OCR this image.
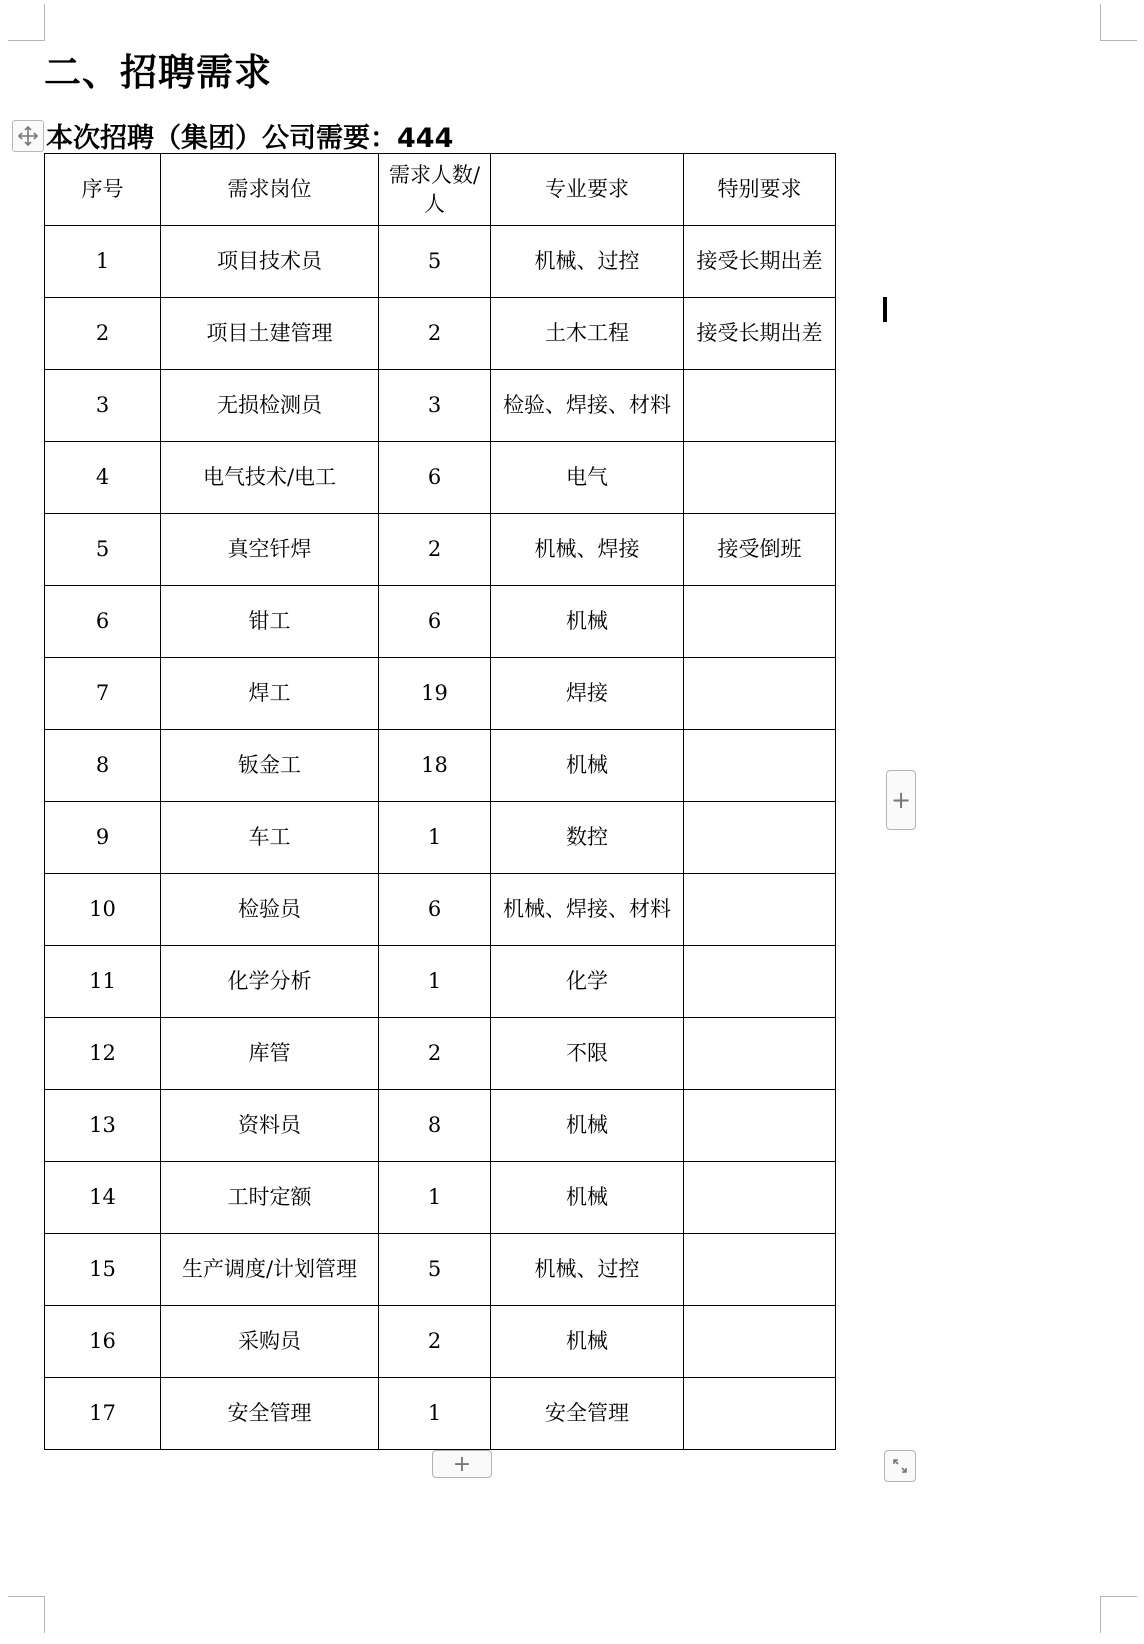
二、招聘需求
本次招聘（集团）公司需要：444
序号	需求岗位	需求人数/人	专业要求	特别要求
1	项目技术员	5	机械、过控	接受长期出差
2	项目土建管理	2	土木工程	接受长期出差
3	无损检测员	3	检验、焊接、材料	
4	电气技术/电工	6	电气	
5	真空钎焊	2	机械、焊接	接受倒班
6	钳工	6	机械	
7	焊工	19	焊接	
8	钣金工	18	机械	
9	车工	1	数控	
10	检验员	6	机械、焊接、材料	
11	化学分析	1	化学	
12	库管	2	不限	
13	资料员	8	机械	
14	工时定额	1	机械	
15	生产调度/计划管理	5	机械、过控	
16	采购员	2	机械	
17	安全管理	1	安全管理	
+
+
